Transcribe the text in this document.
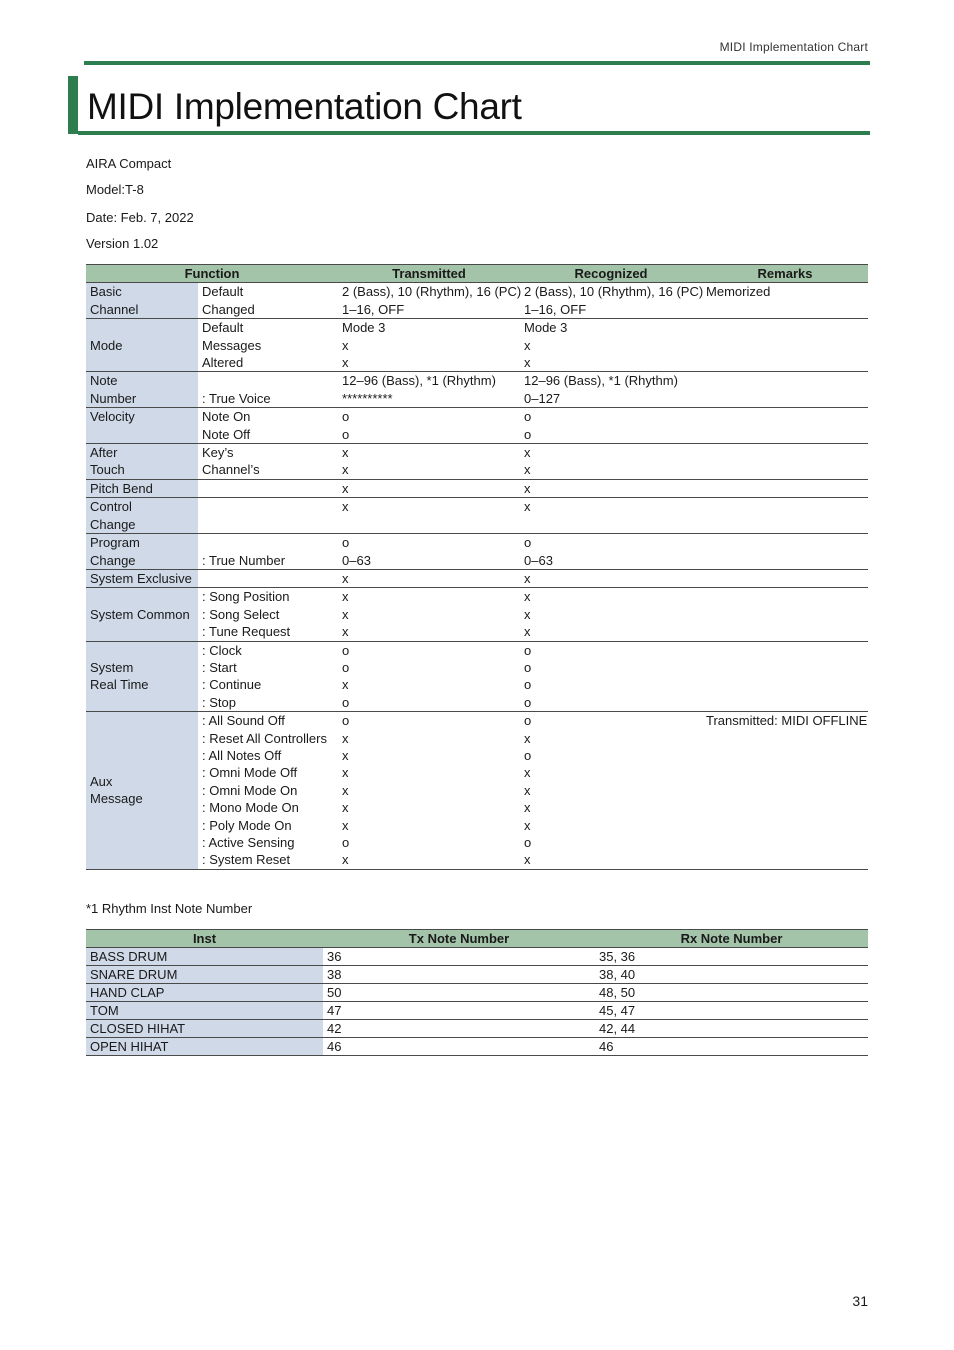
MIDI Implementation Chart
MIDI Implementation Chart
AIRA Compact
Model:T-8
Date: Feb. 7, 2022
Version 1.02
Function		Transmitted	Recognized	Remarks
Basic
Channel	Default	2 (Bass), 10 (Rhythm), 16 (PC)	2 (Bass), 10 (Rhythm), 16 (PC)	Memorized
	Changed	1–16, OFF	1–16, OFF	
Mode	Default	Mode 3	Mode 3	
	Messages	x	x	
	Altered	x	x	
Note
Number		12–96 (Bass), *1 (Rhythm)	12–96 (Bass), *1 (Rhythm)	
	: True Voice	**********	0–127	
Velocity	Note On	o	o	
	Note Off	o	o	
After
Touch	Key’s	x	x	
	Channel’s	x	x	
Pitch Bend		x	x	
Control
Change		x	x	

Program
Change		o	o	
	: True Number	0–63	0–63	
System Exclusive		x	x	
System Common	: Song Position	x	x	
	: Song Select	x	x	
	: Tune Request	x	x	
System
Real Time	: Clock	o	o	
	: Start	o	o	
	: Continue	x	o	
	: Stop	o	o	
Aux
Message	: All Sound Off	o	o	Transmitted: MIDI OFFLINE
	: Reset All Controllers	x	x	
	: All Notes Off	x	o	
	: Omni Mode Off	x	x	
	: Omni Mode On	x	x	
	: Mono Mode On	x	x	
	: Poly Mode On	x	x	
	: Active Sensing	o	o	
	: System Reset	x	x	
*1 Rhythm Inst Note Number
Inst	Tx Note Number	Rx Note Number
BASS DRUM	36	35, 36
SNARE DRUM	38	38, 40
HAND CLAP	50	48, 50
TOM	47	45, 47
CLOSED HIHAT	42	42, 44
OPEN HIHAT	46	46
31
